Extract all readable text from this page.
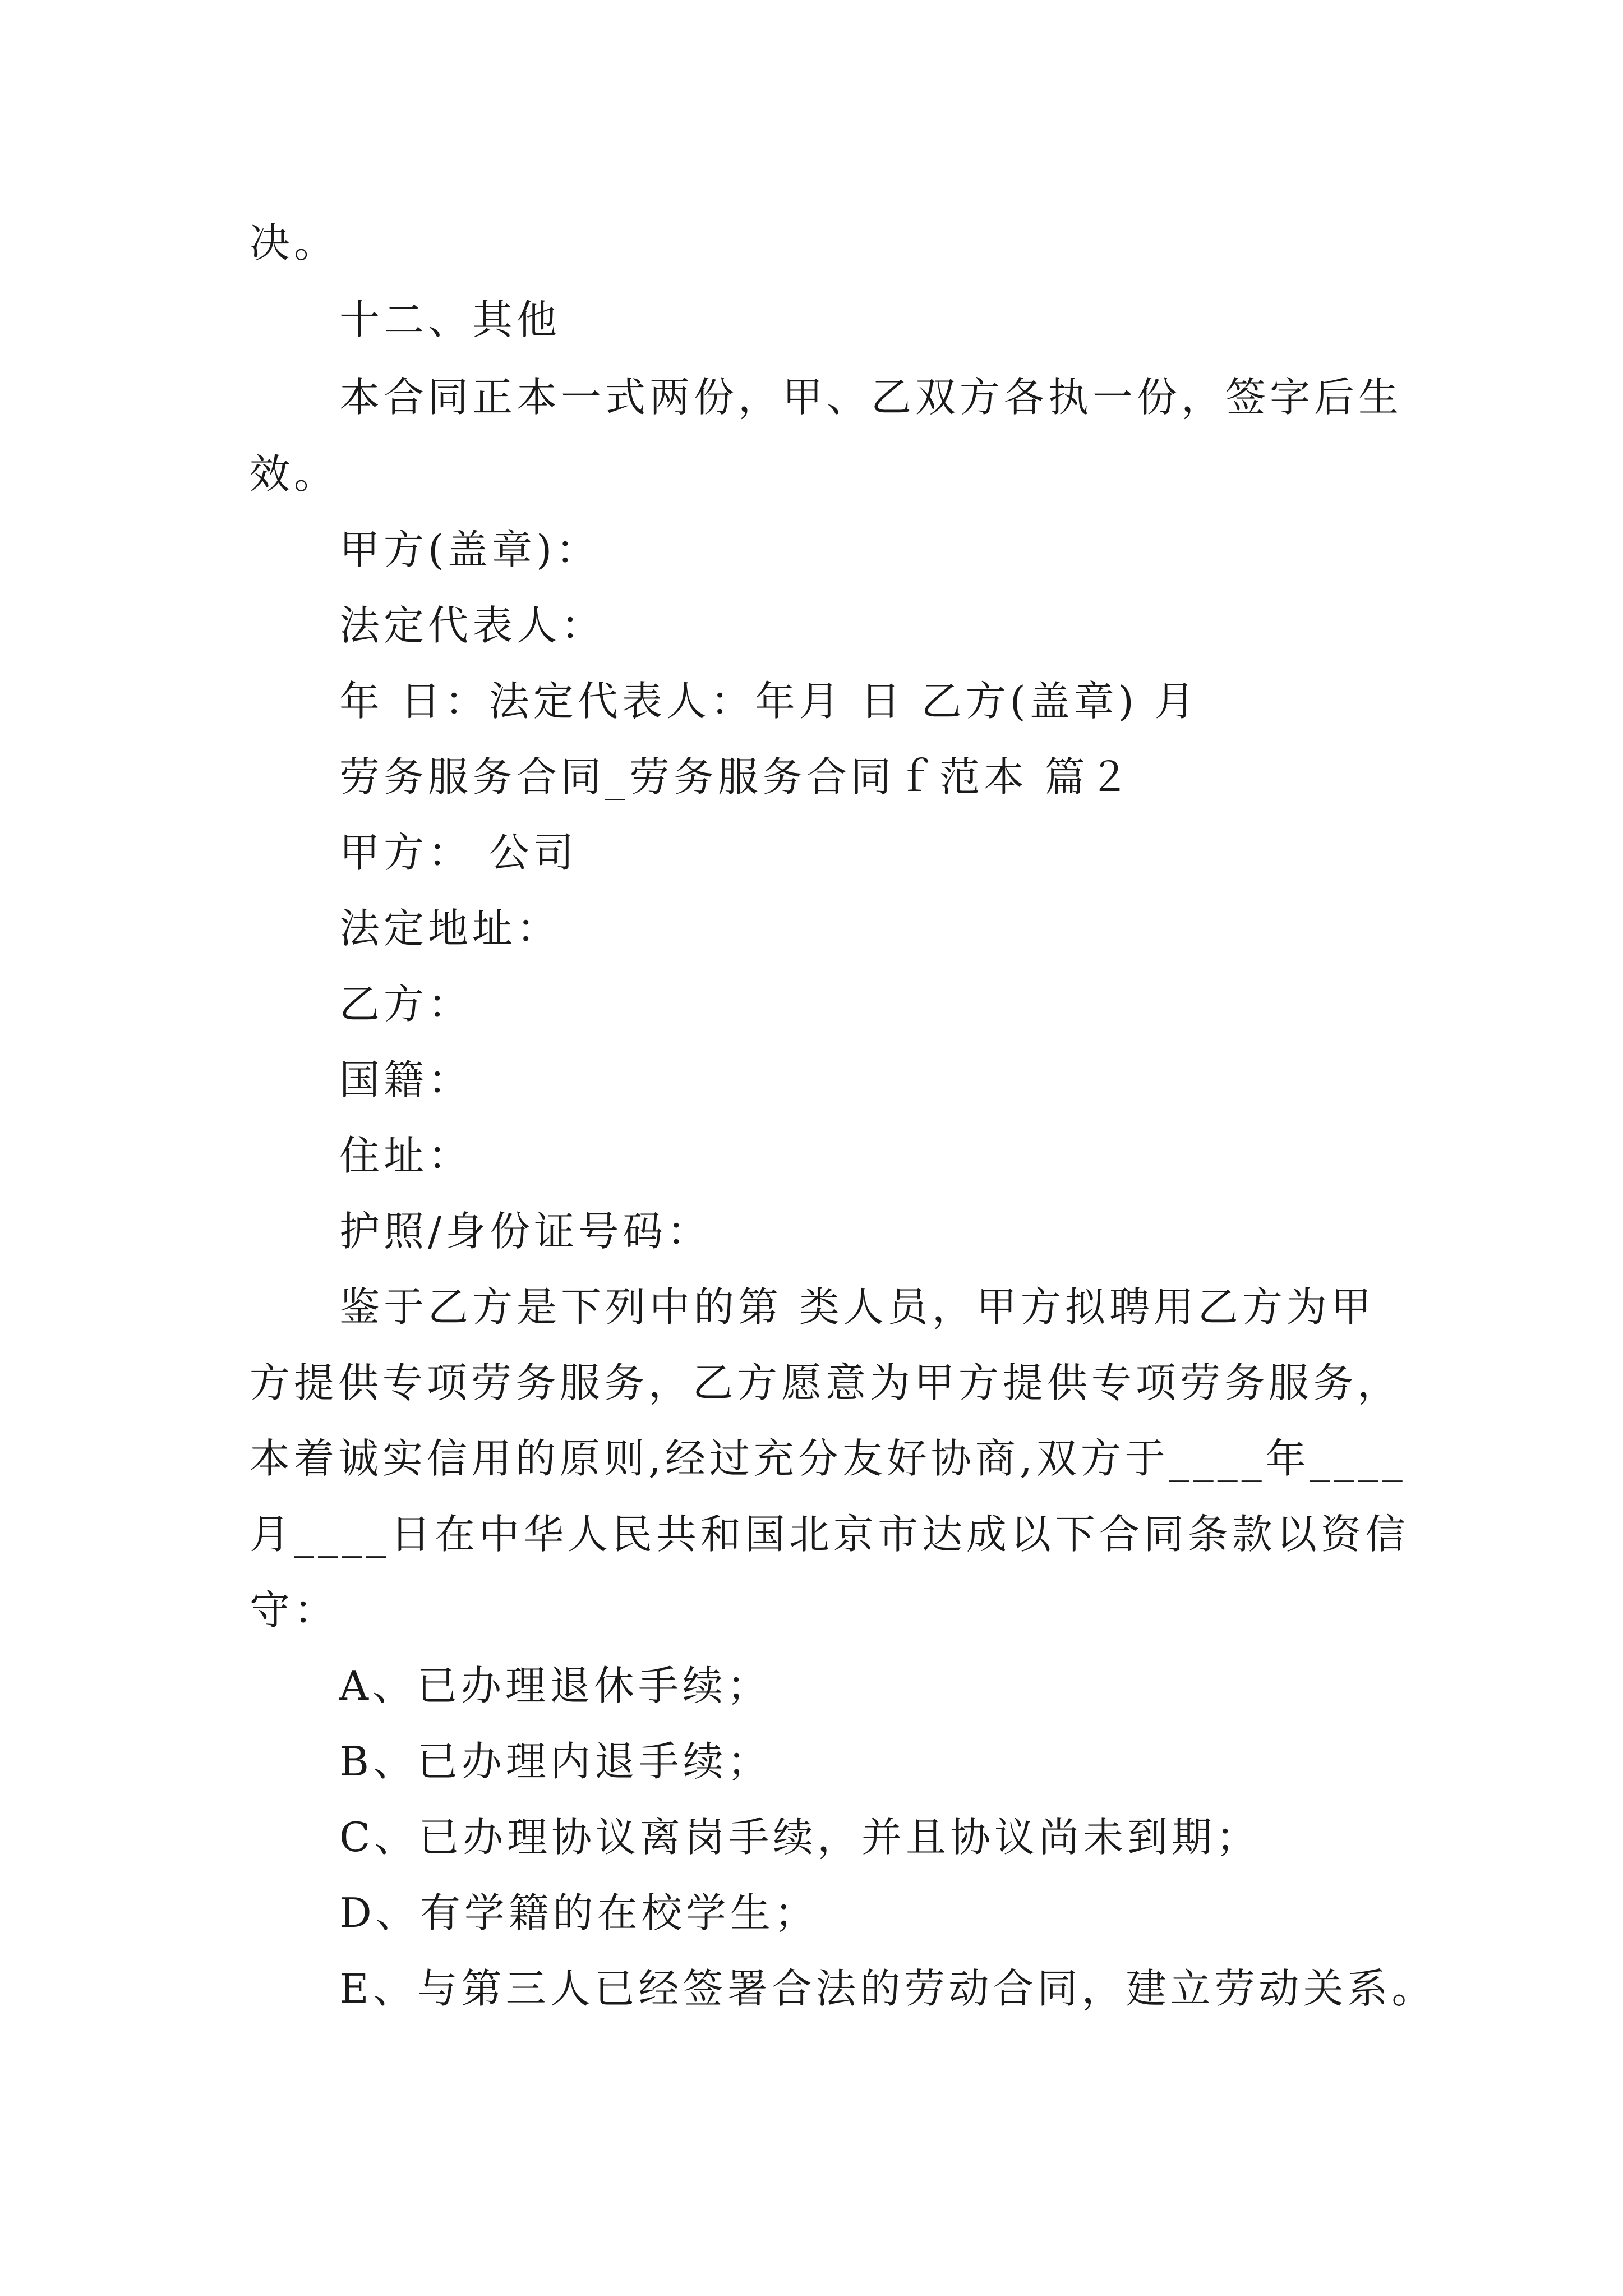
决。
十二、其他
本合同正本一式两份，甲、乙双方各执一份，签字后生
效。
甲方(盖章)：
法定代表人：
年 日：法定代表人：年月 日 乙方(盖章) 月
劳务服务合同_劳务服务合同ｆ范本 篇２
甲方： 公司
法定地址：
乙方：
国籍：
住址：
护照/身份证号码：
鉴于乙方是下列中的第 类人员，甲方拟聘用乙方为甲
方提供专项劳务服务，乙方愿意为甲方提供专项劳务服务，
本着诚实信用的原则,经过充分友好协商,双方于____年____
月____日在中华人民共和国北京市达成以下合同条款以资信
守：
A、已办理退休手续；
B、已办理内退手续；
C、已办理协议离岗手续，并且协议尚未到期；
D、有学籍的在校学生；
E、与第三人已经签署合法的劳动合同，建立劳动关系。
